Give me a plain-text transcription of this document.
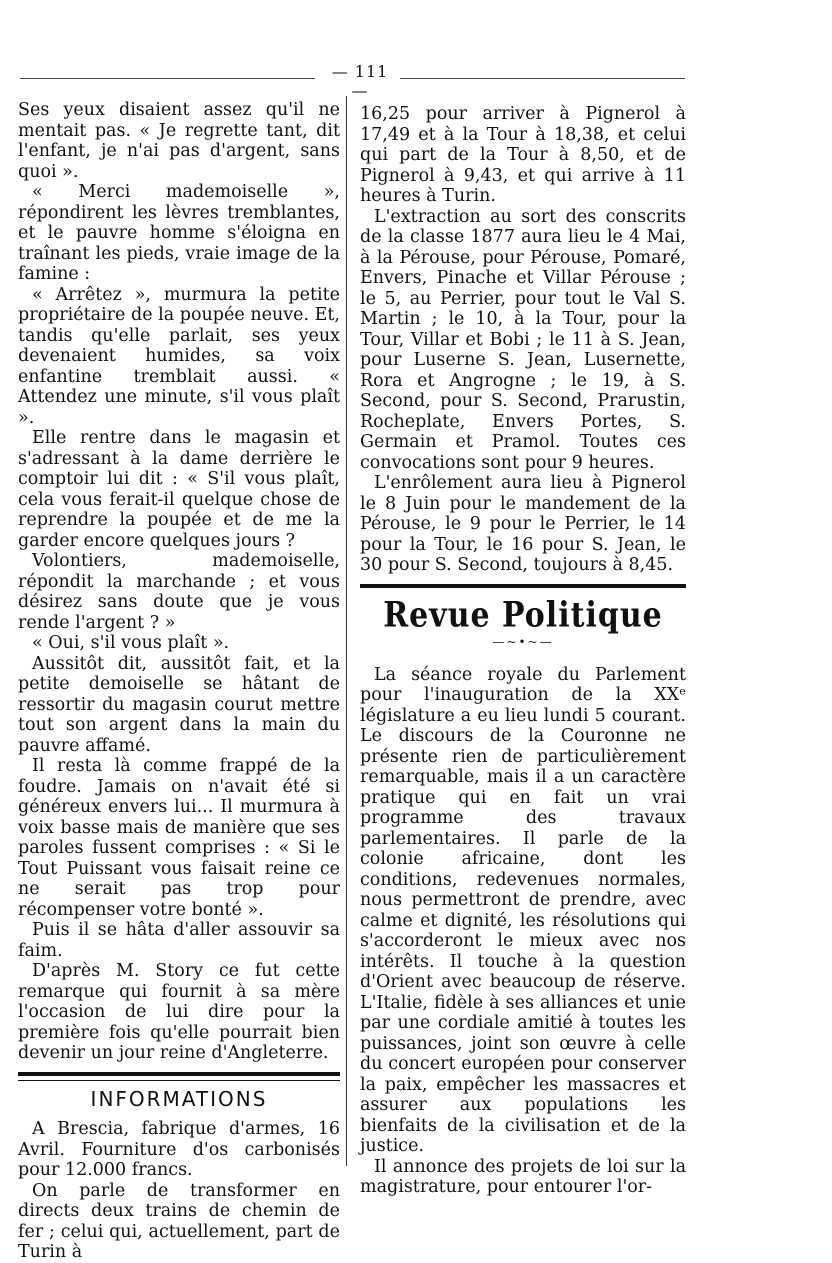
— 111 —

Ses yeux disaient assez qu'il ne mentait pas. « Je regrette tant, dit l'enfant, je n'ai pas d'argent, sans quoi ».

« Merci mademoiselle », répondirent les lèvres tremblantes, et le pauvre homme s'éloigna en traînant les pieds, vraie image de la famine :

« Arrêtez », murmura la petite propriétaire de la poupée neuve. Et, tandis qu'elle parlait, ses yeux devenaient humides, sa voix enfantine tremblait aussi. « Attendez une minute, s'il vous plaît ».

Elle rentre dans le magasin et s'adressant à la dame derrière le comptoir lui dit : « S'il vous plaît, cela vous ferait-il quelque chose de reprendre la poupée et de me la garder encore quelques jours ?

Volontiers, mademoiselle, répondit la marchande ; et vous désirez sans doute que je vous rende l'argent ? »

« Oui, s'il vous plaît ».

Aussitôt dit, aussitôt fait, et la petite demoiselle se hâtant de ressortir du magasin courut mettre tout son argent dans la main du pauvre affamé.

Il resta là comme frappé de la foudre. Jamais on n'avait été si généreux envers lui... Il murmura à voix basse mais de manière que ses paroles fussent comprises : « Si le Tout Puissant vous faisait reine ce ne serait pas trop pour récompenser votre bonté ».

Puis il se hâta d'aller assouvir sa faim.

D'après M. Story ce fut cette remarque qui fournit à sa mère l'occasion de lui dire pour la première fois qu'elle pourrait bien devenir un jour reine d'Angleterre.

INFORMATIONS

A Brescia, fabrique d'armes, 16 Avril. Fourniture d'os carbonisés pour 12.000 francs.

On parle de transformer en directs deux trains de chemin de fer ; celui qui, actuellement, part de Turin à

16,25 pour arriver à Pignerol à 17,49 et à la Tour à 18,38, et celui qui part de la Tour à 8,50, et de Pignerol à 9,43, et qui arrive à 11 heures à Turin.

L'extraction au sort des conscrits de la classe 1877 aura lieu le 4 Mai, à la Pérouse, pour Pérouse, Pomaré, Envers, Pinache et Villar Pérouse ; le 5, au Perrier, pour tout le Val S. Martin ; le 10, à la Tour, pour la Tour, Villar et Bobi ; le 11 à S. Jean, pour Luserne S. Jean, Lusernette, Rora et Angrogne ; le 19, à S. Second, pour S. Second, Prarustin, Rocheplate, Envers Portes, S. Germain et Pramol. Toutes ces convocations sont pour 9 heures.

L'enrôlement aura lieu à Pignerol le 8 Juin pour le mandement de la Pérouse, le 9 pour le Perrier, le 14 pour la Tour, le 16 pour S. Jean, le 30 pour S. Second, toujours à 8,45.

Revue Politique
—~•~—

La séance royale du Parlement pour l'inauguration de la XXᵉ législature a eu lieu lundi 5 courant. Le discours de la Couronne ne présente rien de particulièrement remarquable, mais il a un caractère pratique qui en fait un vrai programme des travaux parlementaires. Il parle de la colonie africaine, dont les conditions, redevenues normales, nous permettront de prendre, avec calme et dignité, les résolutions qui s'accorderont le mieux avec nos intérêts. Il touche à la question d'Orient avec beaucoup de réserve. L'Italie, fidèle à ses alliances et unie par une cordiale amitié à toutes les puissances, joint son œuvre à celle du concert européen pour conserver la paix, empêcher les massacres et assurer aux populations les bienfaits de la civilisation et de la justice.

Il annonce des projets de loi sur la magistrature, pour entourer l'or-
